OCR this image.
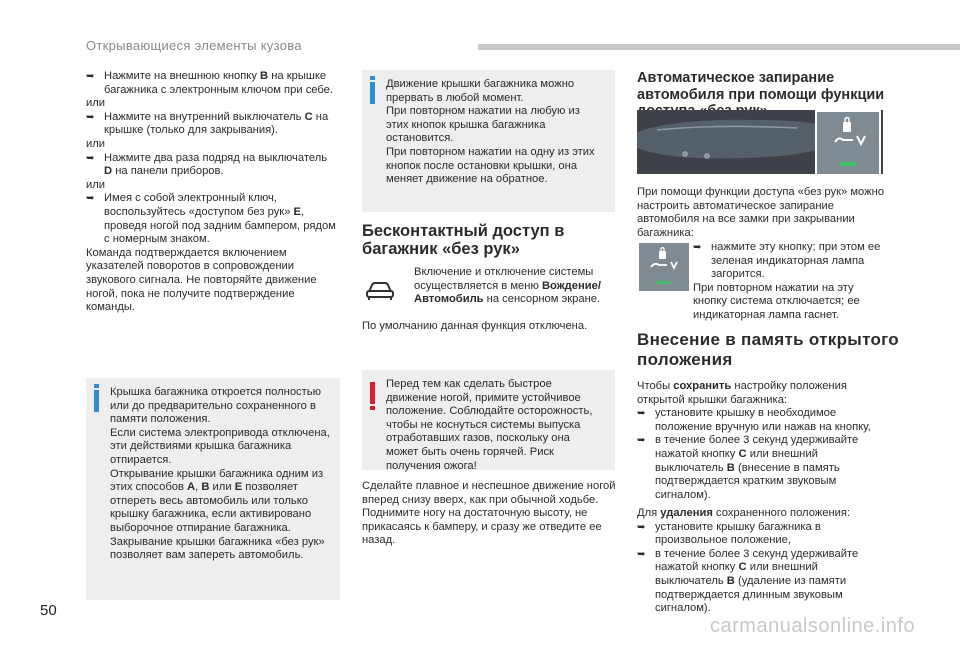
Открывающиеся элементы кузова

➥ Нажмите на внешнюю кнопку B на крышке багажника с электронным ключом при себе.

или

➥ Нажмите на внутренний выключатель C на крышке (только для закрывания).

или

➥ Нажмите два раза подряд на выключатель D на панели приборов.

или

➥ Имея с собой электронный ключ, воспользуйтесь «доступом без рук» E, проведя ногой под задним бампером, рядом с номерным знаком.

Команда подтверждается включением указателей поворотов в сопровождении звукового сигнала. Не повторяйте движение ногой, пока не получите подтверждение команды.

Крышка багажника откроется полностью или до предварительно сохраненного в памяти положения.

Если система электропривода отключена, эти действиями крышка багажника отпирается.

Открывание крышки багажника одним из этих способов A, B или E позволяет отпереть весь автомобиль или только крышку багажника, если активировано выборочное отпирание багажника.

Закрывание крышки багажника «без рук» позволяет вам запереть автомобиль.

Движение крышки багажника можно прервать в любой момент.

При повторном нажатии на любую из этих кнопок крышка багажника остановится.

При повторном нажатии на одну из этих кнопок после остановки крышки, она меняет движение на обратное.

Бесконтактный доступ в багажник «без рук»

Включение и отключение системы осуществляется в меню Вождение/ Автомобиль на сенсорном экране.

По умолчанию данная функция отключена.

Перед тем как сделать быстрое движение ногой, примите устойчивое положение. Соблюдайте осторожность, чтобы не коснуться системы выпуска отработавших газов, поскольку она может быть очень горячей. Риск получения ожога!

Сделайте плавное и неспешное движение ногой вперед снизу вверх, как при обычной ходьбе. Поднимите ногу на достаточную высоту, не прикасаясь к бамперу, и сразу же отведите ее назад.
Автоматическое запирание автомобиля при помощи функции
При помощи функции доступа «без рук» можно настроить автоматическое запирание автомобиля на все замки при закрывании багажника:

➥ нажмите эту кнопку; при этом ее зеленая индикаторная лампа загорится.

При повторном нажатии на эту кнопку система отключается; ее индикаторная лампа гаснет.

Внесение в память открытого положения

Чтобы сохранить настройку положения открытой крышки багажника:

➥ установите крышку в необходимое положение вручную или нажав на кнопку,

➥ в течение более 3 секунд удерживайте нажатой кнопку C или внешний выключатель B (внесение в память подтверждается кратким звуковым сигналом).

Для удаления сохраненного положения:

➥ установите крышку багажника в произвольное положение,

➥ в течение более 3 секунд удерживайте нажатой кнопку C или внешний выключатель B (удаление из памяти подтверждается длинным звуковым сигналом).

50
carmanualsonline.info
